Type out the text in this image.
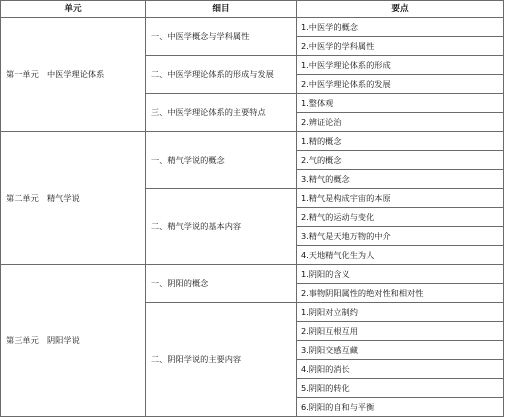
单元	细目	要点
第一单元　中医学理论体系	一、中医学概念与学科属性	1.中医学的概念
		2.中医学的学科属性
	二、中医学理论体系的形成与发展	1.中医学理论体系的形成
		2.中医学理论体系的发展
	三、中医学理论体系的主要特点	1.整体观
		2.辨证论治
第二单元　精气学说	一、精气学说的概念	1.精的概念
		2.气的概念
		3.精气的概念
	二、精气学说的基本内容	1.精气是构成宇宙的本原
		2.精气的运动与变化
		3.精气是天地万物的中介
		4.天地精气化生为人
第三单元　阴阳学说	一、阴阳的概念	1.阴阳的含义
		2.事物阴阳属性的绝对性和相对性
	二、阴阳学说的主要内容	1.阴阳对立制约
		2.阴阳互根互用
		3.阴阳交感互藏
		4.阴阳的消长
		5.阴阳的转化
		6.阴阳的自和与平衡
